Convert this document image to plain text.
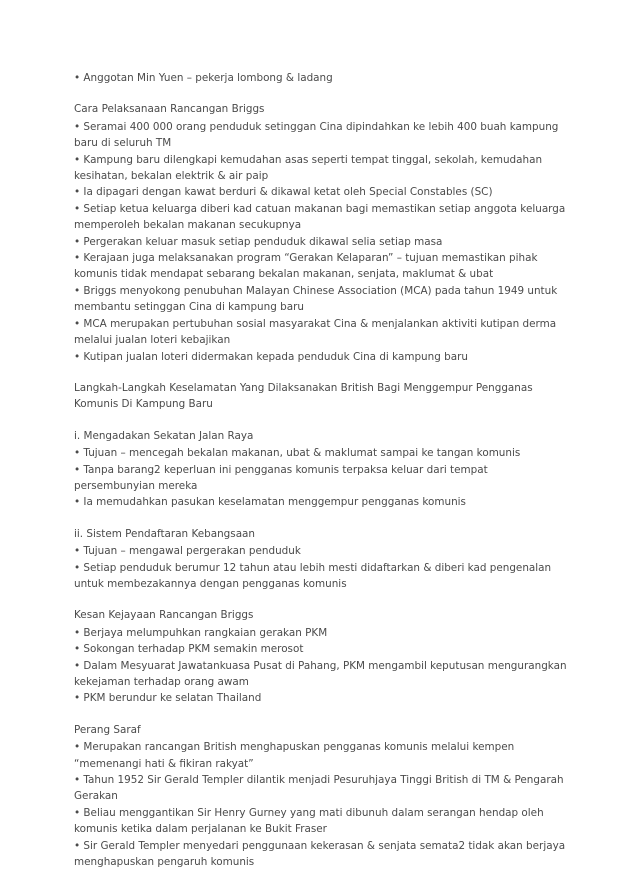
• Anggotan Min Yuen – pekerja lombong & ladang

Cara Pelaksanaan Rancangan Briggs

• Seramai 400 000 orang penduduk setinggan Cina dipindahkan ke lebih 400 buah kampung baru di seluruh TM

• Kampung baru dilengkapi kemudahan asas seperti tempat tinggal, sekolah, kemudahan kesihatan, bekalan elektrik & air paip

• Ia dipagari dengan kawat berduri & dikawal ketat oleh Special Constables (SC)

• Setiap ketua keluarga diberi kad catuan makanan bagi memastikan setiap anggota keluarga memperoleh bekalan makanan secukupnya

• Pergerakan keluar masuk setiap penduduk dikawal selia setiap masa

• Kerajaan juga melaksanakan program “Gerakan Kelaparan” – tujuan memastikan pihak komunis tidak mendapat sebarang bekalan makanan, senjata, maklumat & ubat

• Briggs menyokong penubuhan Malayan Chinese Association (MCA) pada tahun 1949 untuk membantu setinggan Cina di kampung baru

• MCA merupakan pertubuhan sosial masyarakat Cina & menjalankan aktiviti kutipan derma melalui jualan loteri kebajikan

• Kutipan jualan loteri didermakan kepada penduduk Cina di kampung baru

Langkah-Langkah Keselamatan Yang Dilaksanakan British Bagi Menggempur Pengganas Komunis Di Kampung Baru

i. Mengadakan Sekatan Jalan Raya

• Tujuan – mencegah bekalan makanan, ubat & maklumat sampai ke tangan komunis

• Tanpa barang2 keperluan ini pengganas komunis terpaksa keluar dari tempat persembunyian mereka

• Ia memudahkan pasukan keselamatan menggempur pengganas komunis

ii. Sistem Pendaftaran Kebangsaan

• Tujuan – mengawal pergerakan penduduk

• Setiap penduduk berumur 12 tahun atau lebih mesti didaftarkan & diberi kad pengenalan untuk membezakannya dengan pengganas komunis

Kesan Kejayaan Rancangan Briggs

• Berjaya melumpuhkan rangkaian gerakan PKM

• Sokongan terhadap PKM semakin merosot

• Dalam Mesyuarat Jawatankuasa Pusat di Pahang, PKM mengambil keputusan mengurangkan kekejaman terhadap orang awam

• PKM berundur ke selatan Thailand

Perang Saraf

• Merupakan rancangan British menghapuskan pengganas komunis melalui kempen “memenangi hati & fikiran rakyat”

• Tahun 1952 Sir Gerald Templer dilantik menjadi Pesuruhjaya Tinggi British di TM & Pengarah Gerakan

• Beliau menggantikan Sir Henry Gurney yang mati dibunuh dalam serangan hendap oleh komunis ketika dalam perjalanan ke Bukit Fraser

• Sir Gerald Templer menyedari penggunaan kekerasan & senjata semata2 tidak akan berjaya menghapuskan pengaruh komunis
